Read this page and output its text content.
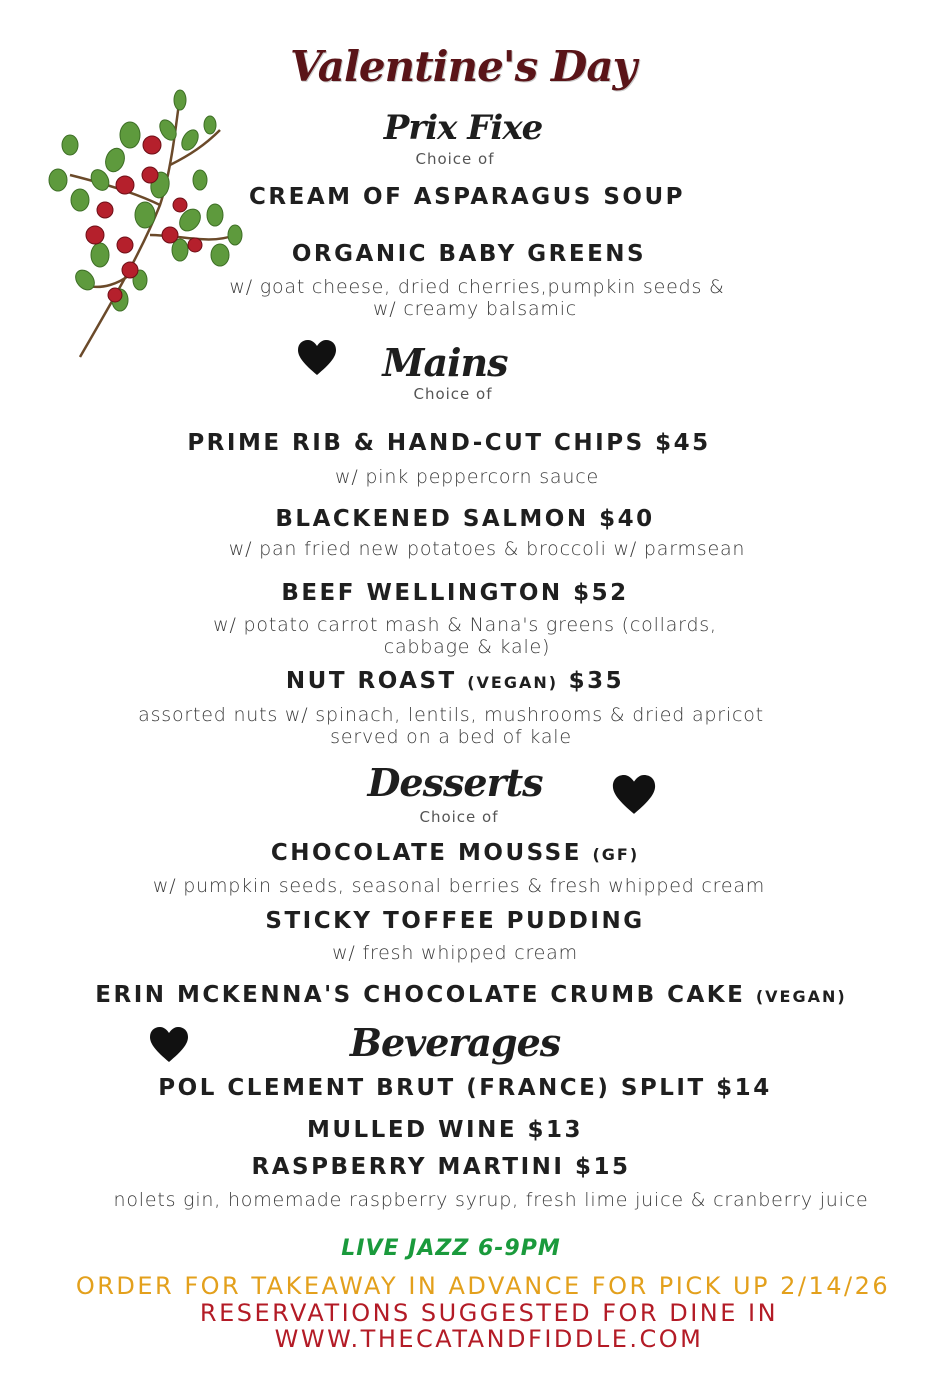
Valentine's Day
Prix Fixe
Choice of
CREAM OF ASPARAGUS SOUP
ORGANIC BABY GREENS
w/ goat cheese, dried cherries,pumpkin seeds &
w/ creamy balsamic
Mains
Choice of
PRIME RIB & HAND-CUT CHIPS $45
w/ pink peppercorn sauce
BLACKENED SALMON $40
w/ pan fried new potatoes & broccoli w/ parmsean
BEEF WELLINGTON $52
w/ potato carrot mash & Nana's greens (collards,
cabbage & kale)
NUT ROAST (VEGAN) $35
assorted nuts w/ spinach, lentils, mushrooms & dried apricot
served on a bed of kale
Desserts
Choice of
CHOCOLATE MOUSSE (GF)
w/ pumpkin seeds, seasonal berries & fresh whipped cream
STICKY TOFFEE PUDDING
w/ fresh whipped cream
ERIN MCKENNA'S CHOCOLATE CRUMB CAKE (VEGAN)
Beverages
POL CLEMENT BRUT (FRANCE) SPLIT $14
MULLED WINE $13
RASPBERRY MARTINI $15
nolets gin, homemade raspberry syrup, fresh lime juice & cranberry juice
LIVE JAZZ 6-9PM
ORDER FOR TAKEAWAY IN ADVANCE FOR PICK UP 2/14/26
RESERVATIONS SUGGESTED FOR DINE IN
WWW.THECATANDFIDDLE.COM
